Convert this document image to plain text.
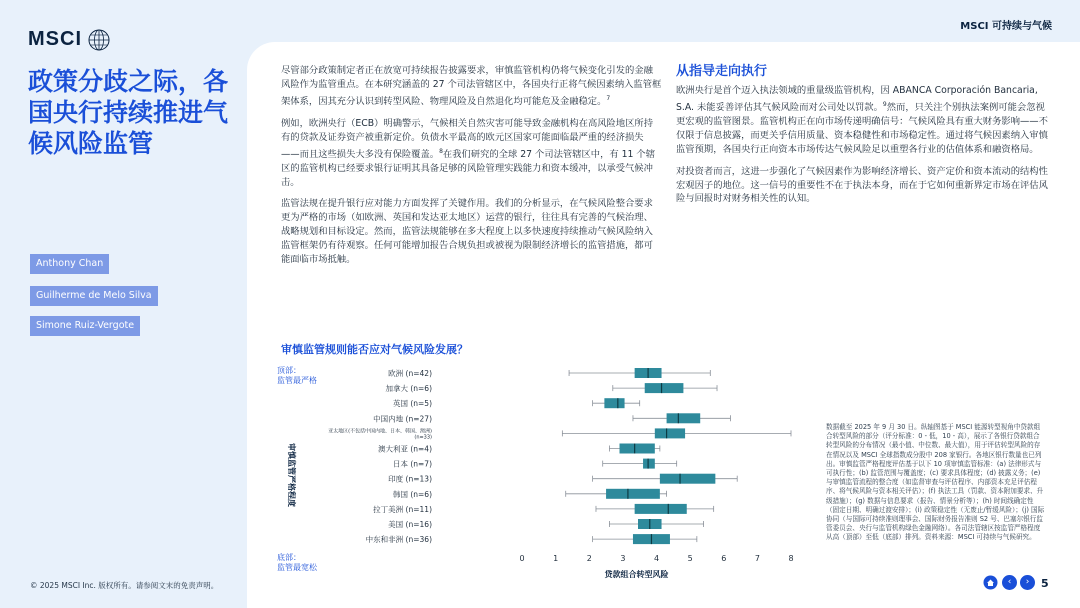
MSCI
MSCI 可持续与气候
政策分歧之际，各国央行持续推进气候风险监管
Anthony Chan
Guilherme de Melo Silva
Simone Ruiz-Vergote
© 2025 MSCI Inc. 版权所有。请参阅文末的免责声明。

尽管部分政策制定者正在放宽可持续报告披露要求，审慎监管机构仍将气候变化引发的金融风险作为监管重点。在本研究涵盖的 27 个司法管辖区中，各国央行正将气候因素纳入监管框架体系，因其充分认识到转型风险、物理风险及自然退化均可能危及金融稳定。$^7$

例如，欧洲央行（ECB）明确警示，气候相关自然灾害可能导致金融机构在高风险地区所持有的贷款及证券资产被重新定价。负债水平最高的欧元区国家可能面临最严重的经济损失——而且这些损失大多没有保险覆盖。$^8$在我们研究的全球 27 个司法管辖区中，有 11 个辖区的监管机构已经要求银行证明其具备足够的风险管理实践能力和资本缓冲，以承受气候冲击。

监管法规在提升银行应对能力方面发挥了关键作用。我们的分析显示，在气候风险整合要求更为严格的市场（如欧洲、英国和发达亚太地区）运营的银行，往往具有完善的气候治理、战略规划和目标设定。然而，监管法规能够在多大程度上以多快速度持续推动气候风险纳入监管框架仍有待观察。任何可能增加报告合规负担或被视为限制经济增长的监管措施，都可能面临市场抵触。

从指导走向执行

欧洲央行是首个迈入执法领域的重量级监管机构，因 ABANCA Corporación Bancaria, S.A. 未能妥善评估其气候风险而对公司处以罚款。$^9$然而，只关注个别执法案例可能会忽视更宏观的监管图景。监管机构正在向市场传递明确信号：气候风险具有重大财务影响——不仅限于信息披露，而更关乎信用质量、资本稳健性和市场稳定性。通过将气候因素纳入审慎监管预期，各国央行正向资本市场传达气候风险足以重塑各行业的估值体系和融资格局。

对投资者而言，这进一步强化了气候因素作为影响经济增长、资产定价和资本流动的结构性宏观因子的地位。这一信号的重要性不在于执法本身，而在于它如何重新界定市场在评估风险与回报时对财务相关性的认知。

审慎监管规则能否应对气候风险发展？
顶部：
监管最严格
底部：
监管最宽松
审慎监管严格程度
欧洲 (n=42)
加拿大 (n=6)
英国 (n=5)
中国内地 (n=27)
亚太地区(不包括中国内地、日本、韩国、澳洲)
(n=33)
澳大利亚 (n=4)
日本 (n=7)
印度 (n=13)
韩国 (n=6)
拉丁美洲 (n=11)
美国 (n=16)
中东和非洲 (n=36)
0	1	2	3	4	5	6	7	8
贷款组合转型风险
数据截至 2025 年 9 月 30 日。纵轴图基于 MSCI 能源转型视角中贷款组合转型风险的部分（评分标准：0 - 低，10 - 高），展示了各银行贷款组合转型风险的分布情况（最小值、中位数、最大值），用于评估转型风险的存在情况以及 MSCI 全球指数成分股中 208 家银行。各地区银行数量也已列出。审慎监管严格程度评估基于以下 10 项审慎监管标准：(a) 法律形式与可执行性；(b) 监管范围与覆盖度；(c) 要求具体程度；(d) 披露义务；(e) 与审慎监管流程的整合度（如监督审查与评估程序、内部资本充足评估程序、将气候风险与资本相关评估）；(f) 执法工具（罚款、资本附加要求、升级措施）；(g) 数据与信息要求（报告、情景分析等）；(h) 时间线确定性（固定日期、明确过渡安排）；(i) 政策稳定性（无废止/暂缓风险）；(j) 国际协同（与国际可持续准则理事会、国际财务报告准则 S2 号、巴塞尔银行监管委员会、央行与监管机构绿色金融网络）。各司法管辖区按监管严格程度从高（顶部）至低（底部）排列。资料来源：MSCI 可持续与气候研究。
‹	›	5
